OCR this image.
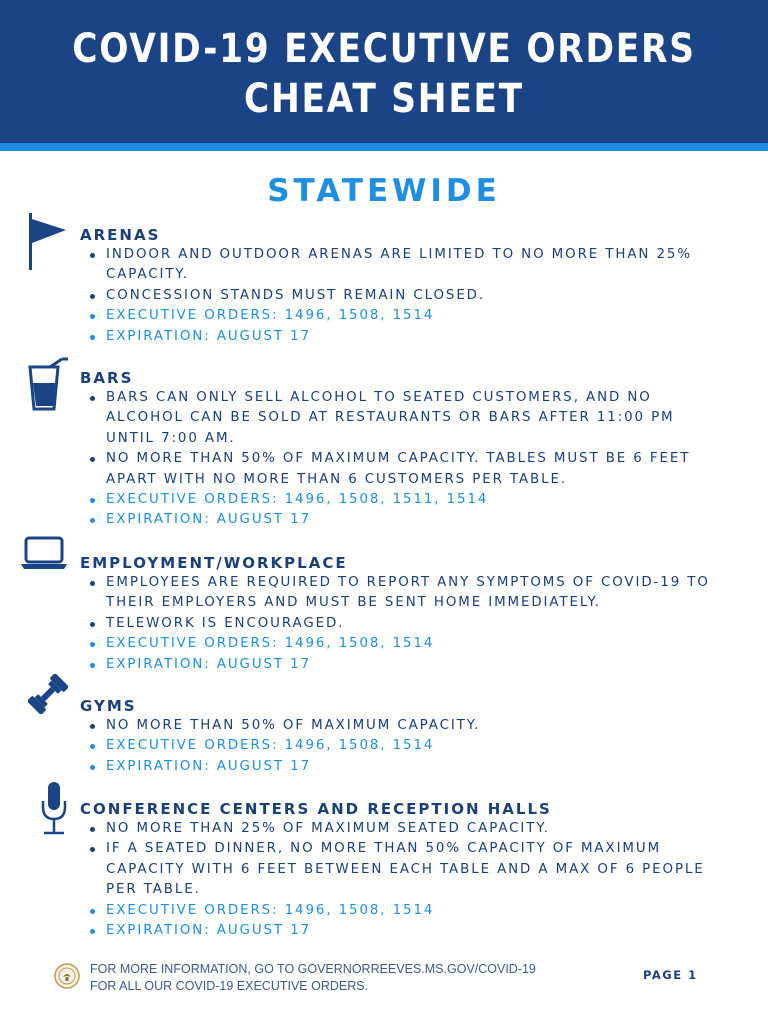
COVID-19 EXECUTIVE ORDERS
CHEAT SHEET
STATEWIDE
ARENAS
INDOOR AND OUTDOOR ARENAS ARE LIMITED TO NO MORE THAN 25% CAPACITY.
CONCESSION STANDS MUST REMAIN CLOSED.
EXECUTIVE ORDERS: 1496, 1508, 1514
EXPIRATION: AUGUST 17
BARS
BARS CAN ONLY SELL ALCOHOL TO SEATED CUSTOMERS, AND NO ALCOHOL CAN BE SOLD AT RESTAURANTS OR BARS AFTER 11:00 PM UNTIL 7:00 AM.
NO MORE THAN 50% OF MAXIMUM CAPACITY. TABLES MUST BE 6 FEET APART WITH NO MORE THAN 6 CUSTOMERS PER TABLE.
EXECUTIVE ORDERS: 1496, 1508, 1511, 1514
EXPIRATION: AUGUST 17
EMPLOYMENT/WORKPLACE
EMPLOYEES ARE REQUIRED TO REPORT ANY SYMPTOMS OF COVID-19 TO THEIR EMPLOYERS AND MUST BE SENT HOME IMMEDIATELY.
TELEWORK IS ENCOURAGED.
EXECUTIVE ORDERS: 1496, 1508, 1514
EXPIRATION: AUGUST 17
GYMS
NO MORE THAN 50% OF MAXIMUM CAPACITY.
EXECUTIVE ORDERS: 1496, 1508, 1514
EXPIRATION: AUGUST 17
CONFERENCE CENTERS AND RECEPTION HALLS
NO MORE THAN 25% OF MAXIMUM SEATED CAPACITY.
IF A SEATED DINNER, NO MORE THAN 50% CAPACITY OF MAXIMUM CAPACITY WITH 6 FEET BETWEEN EACH TABLE AND A MAX OF 6 PEOPLE PER TABLE.
EXECUTIVE ORDERS: 1496, 1508, 1514
EXPIRATION: AUGUST 17
FOR MORE INFORMATION, GO TO GOVERNORREEVES.MS.GOV/COVID-19
FOR ALL OUR COVID-19 EXECUTIVE ORDERS.
PAGE 1
